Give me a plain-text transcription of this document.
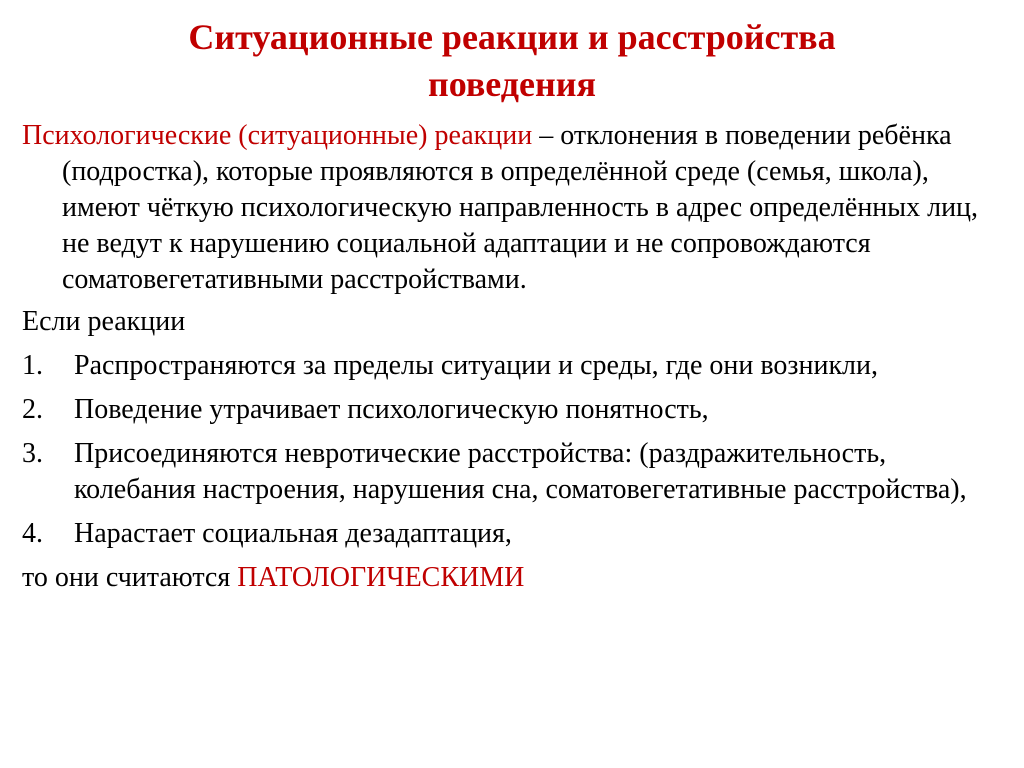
Ситуационные реакции и расстройства
поведения

Психологические (ситуационные) реакции – отклонения в поведении ребёнка (подростка), которые проявляются в определённой среде (семья, школа), имеют чёткую психологическую направленность в адрес определённых лиц, не ведут к нарушению социальной адаптации и не сопровождаются соматовегетативными расстройствами.

Если реакции

1. Распространяются за пределы ситуации и среды, где они возникли,
2. Поведение утрачивает психологическую понятность,
3. Присоединяются невротические расстройства: (раздражительность, колебания настроения, нарушения сна, соматовегетативные расстройства),
4. Нарастает социальная дезадаптация,

то они считаются ПАТОЛОГИЧЕСКИМИ
